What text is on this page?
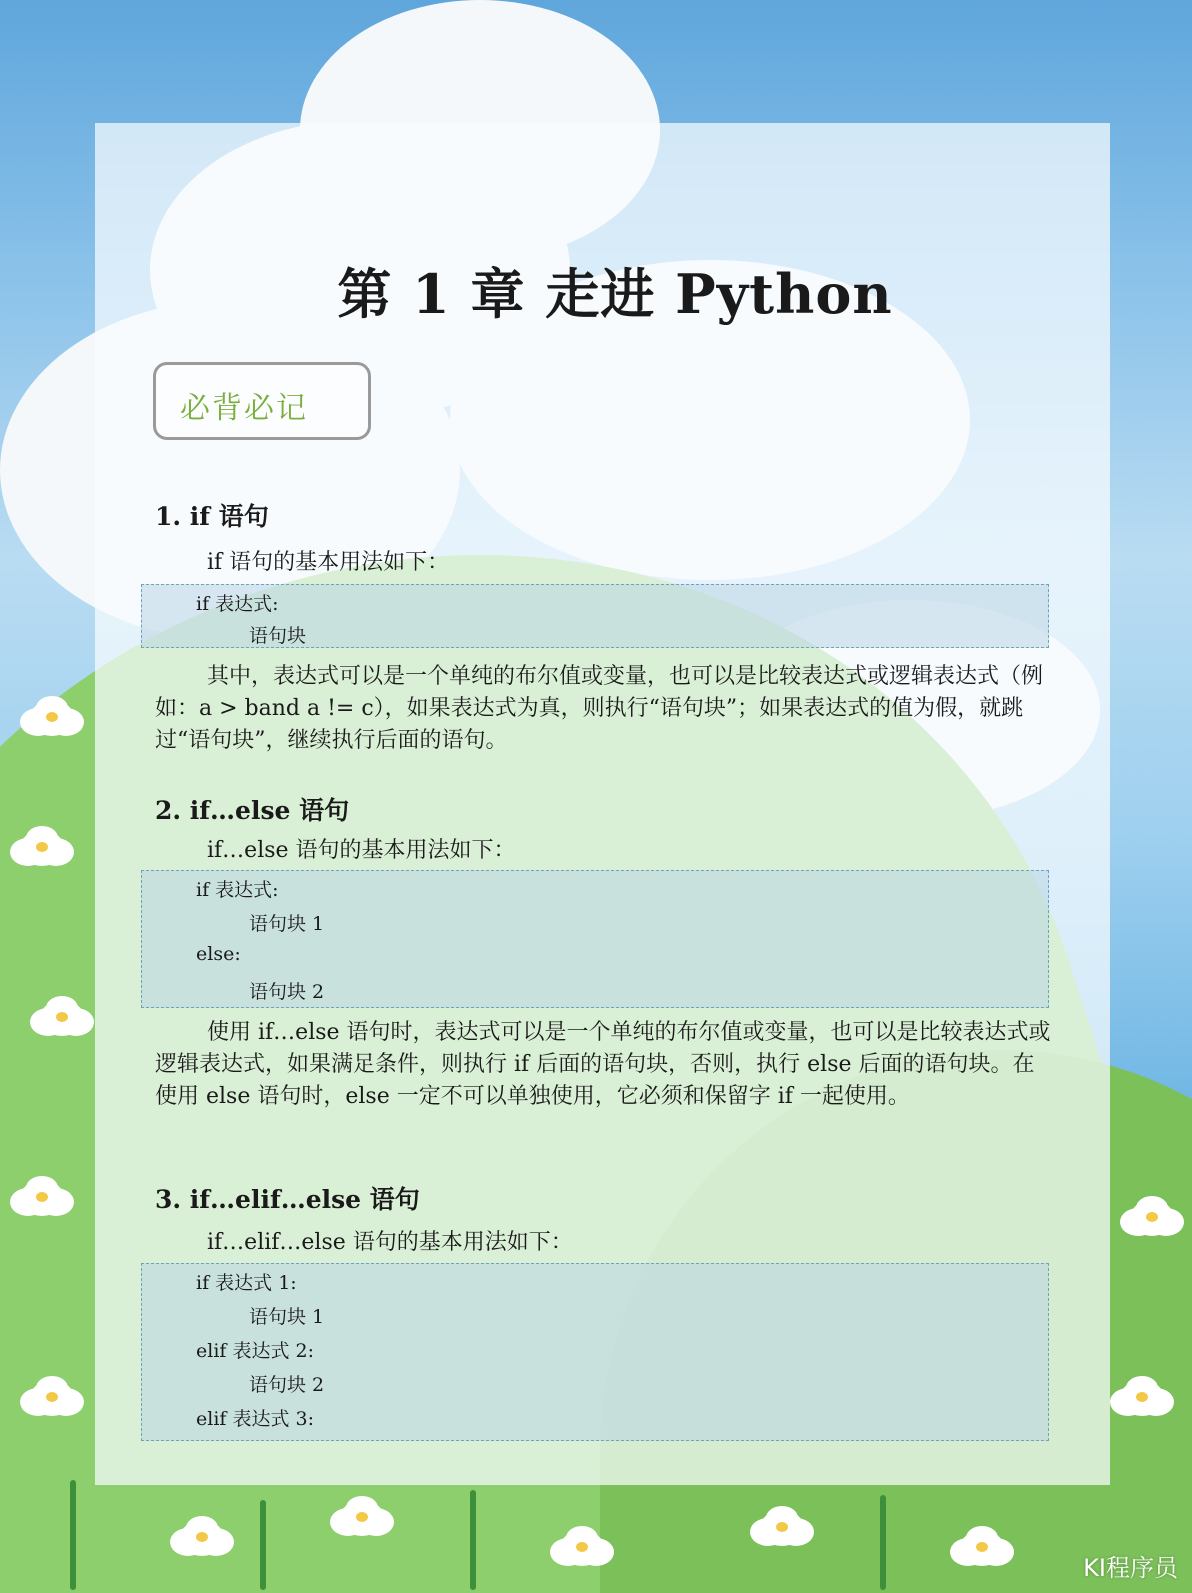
第 1 章 走进 Python
必背必记
1. if 语句
if 语句的基本用法如下：
if 表达式:
语句块
其中，表达式可以是一个单纯的布尔值或变量，也可以是比较表达式或逻辑表达式（例如：a > band a != c），如果表达式为真，则执行“语句块”；如果表达式的值为假，就跳过“语句块”，继续执行后面的语句。
2. if…else 语句
if…else 语句的基本用法如下：
if 表达式:
语句块 1
else:
语句块 2
使用 if…else 语句时，表达式可以是一个单纯的布尔值或变量，也可以是比较表达式或逻辑表达式，如果满足条件，则执行 if 后面的语句块，否则，执行 else 后面的语句块。在使用 else 语句时，else 一定不可以单独使用，它必须和保留字 if 一起使用。
3. if…elif…else 语句
if…elif…else 语句的基本用法如下：
if 表达式 1:
语句块 1
elif 表达式 2:
语句块 2
elif 表达式 3:
KI程序员
